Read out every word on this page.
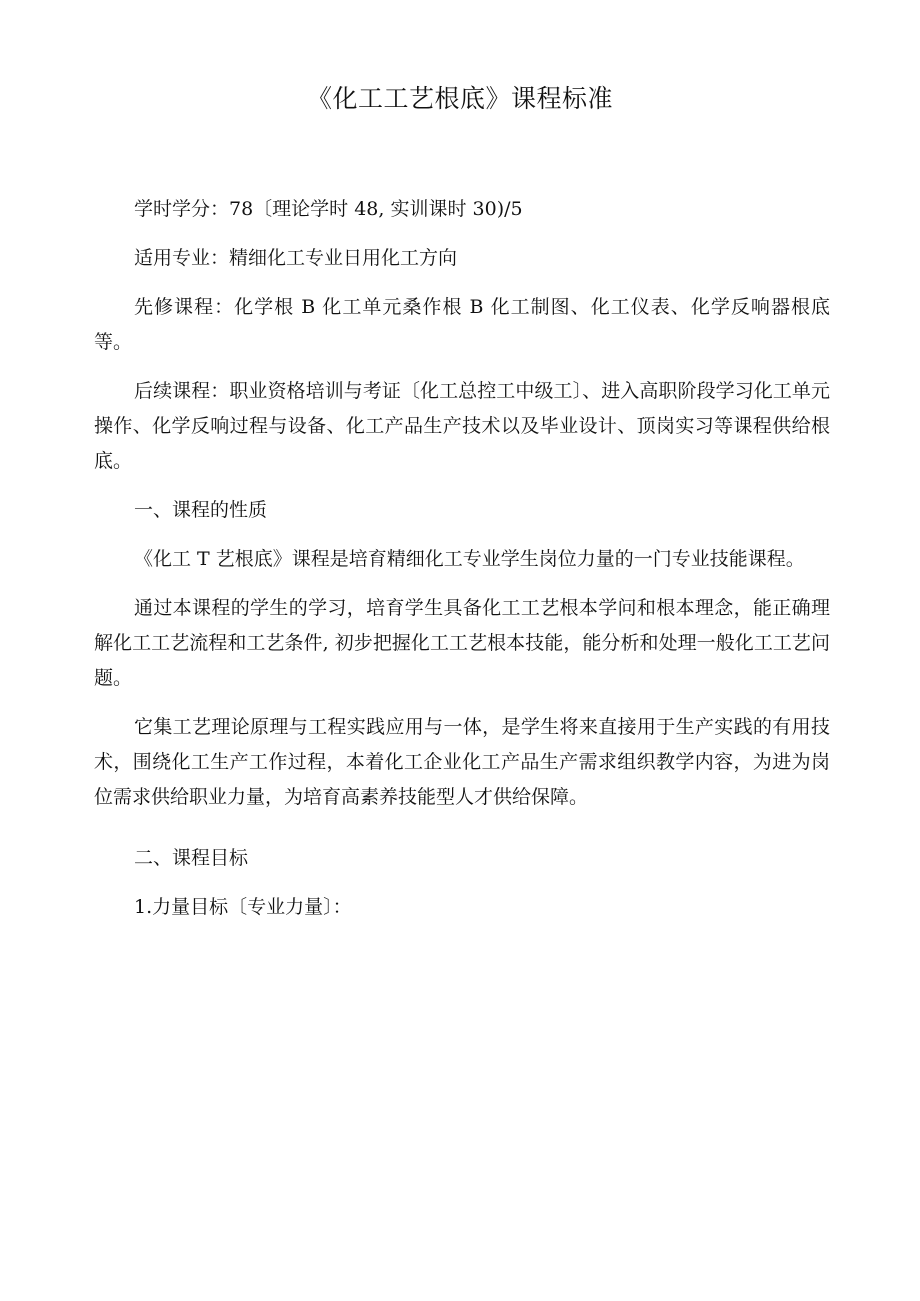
《化工工艺根底》课程标准

学时学分：78〔理论学时 48, 实训课时 30)/5

适用专业：精细化工专业日用化工方向

先修课程：化学根 B 化工单元桑作根 B 化工制图、化工仪表、化学反响器根底等。

后续课程：职业资格培训与考证〔化工总控工中级工〕、进入高职阶段学习化工单元操作、化学反响过程与设备、化工产品生产技术以及毕业设计、顶岗实习等课程供给根底。

一、课程的性质

《化工 T 艺根底》课程是培育精细化工专业学生岗位力量的一门专业技能课程。

通过本课程的学生的学习，培育学生具备化工工艺根本学问和根本理念，能正确理解化工工艺流程和工艺条件, 初步把握化工工艺根本技能，能分析和处理一般化工工艺问题。

它集工艺理论原理与工程实践应用与一体，是学生将来直接用于生产实践的有用技术，围绕化工生产工作过程，本着化工企业化工产品生产需求组织教学内容，为进为岗位需求供给职业力量，为培育高素养技能型人才供给保障。

二、课程目标
1.力量目标〔专业力量〕：
